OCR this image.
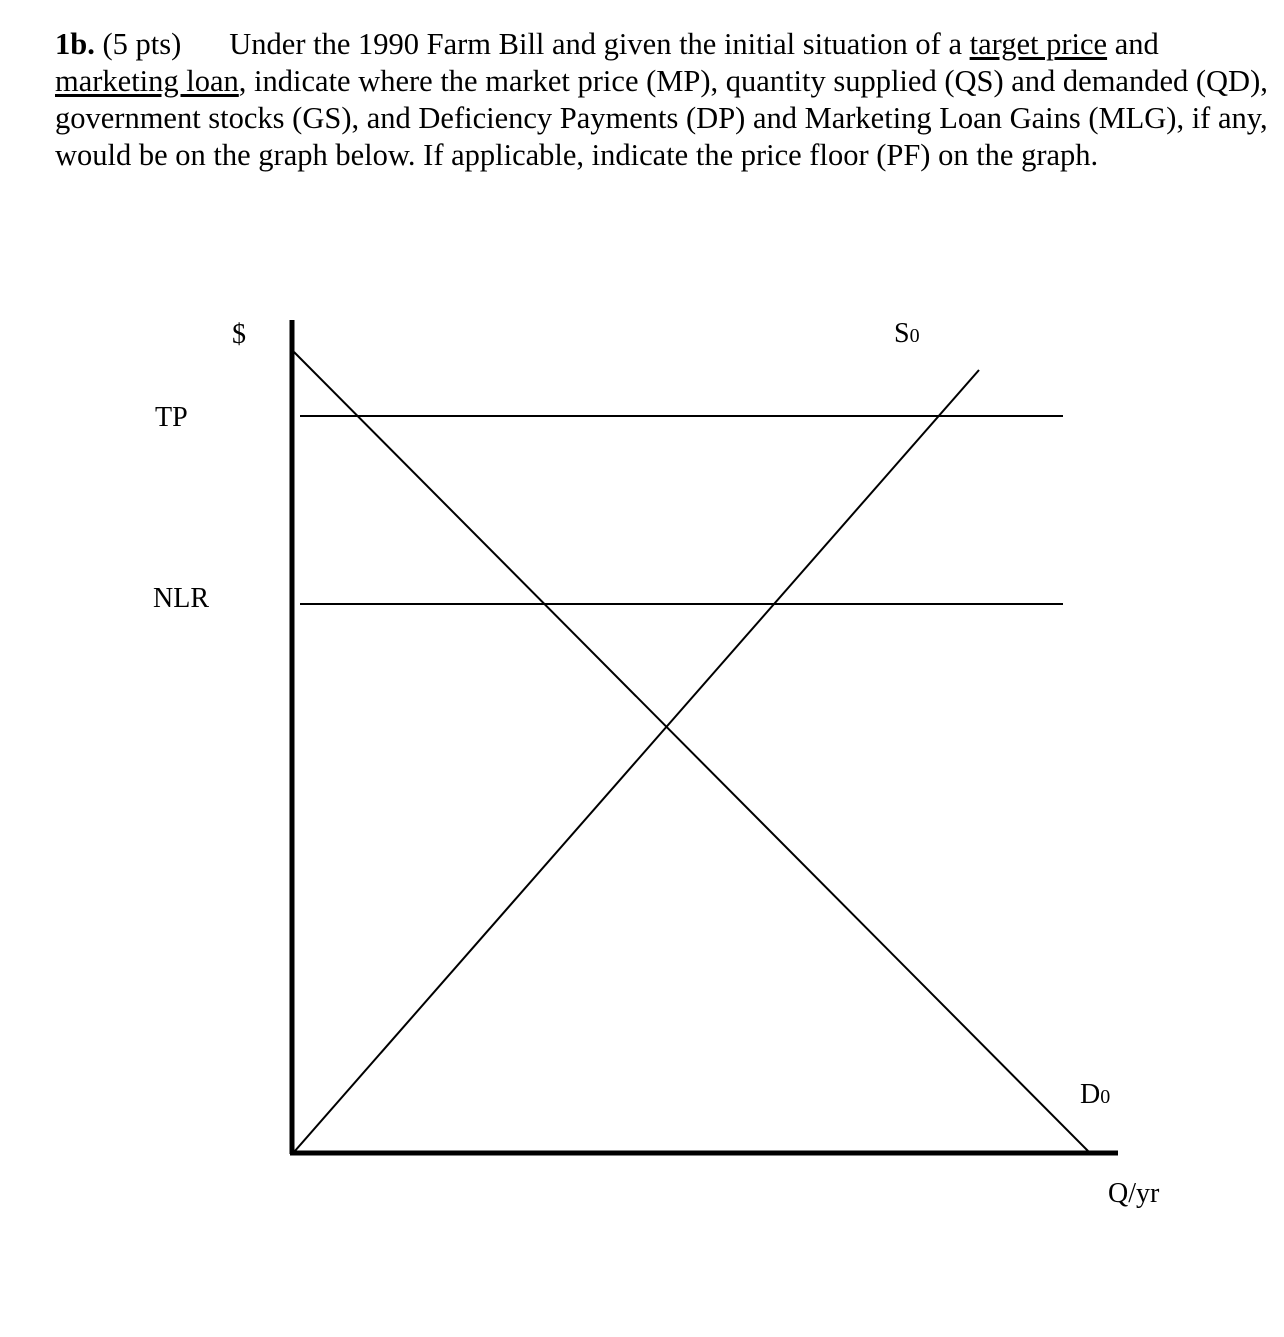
1b. (5 pts) Under the 1990 Farm Bill and given the initial situation of a target price and marketing loan, indicate where the market price (MP), quantity supplied (QS) and demanded (QD), government stocks (GS), and Deficiency Payments (DP) and Marketing Loan Gains (MLG), if any, would be on the graph below. If applicable, indicate the price floor (PF) on the graph.
$
Q/yr
TP
NLR
S0
D0
